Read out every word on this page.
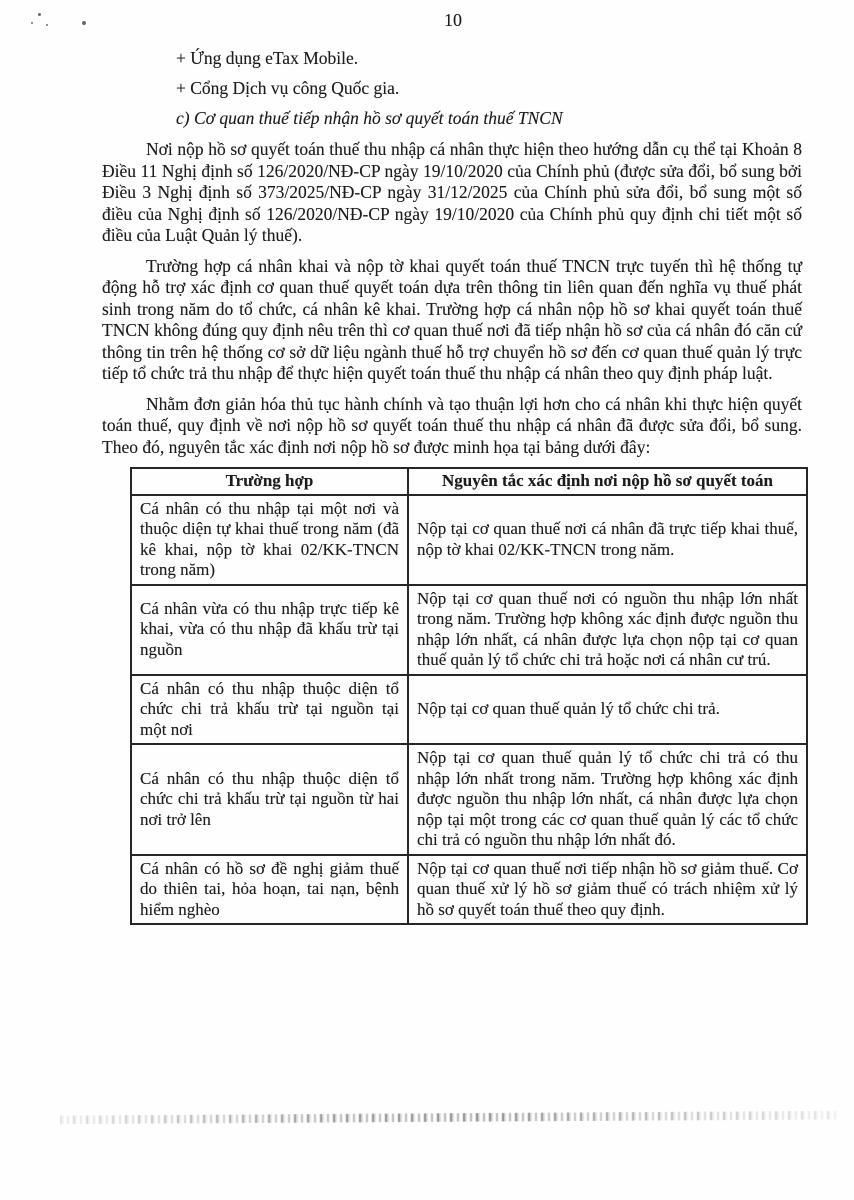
10

+ Ứng dụng eTax Mobile.

+ Cổng Dịch vụ công Quốc gia.

c) Cơ quan thuế tiếp nhận hồ sơ quyết toán thuế TNCN

Nơi nộp hồ sơ quyết toán thuế thu nhập cá nhân thực hiện theo hướng dẫn cụ thể tại Khoản 8 Điều 11 Nghị định số 126/2020/NĐ-CP ngày 19/10/2020 của Chính phủ (được sửa đổi, bổ sung bởi Điều 3 Nghị định số 373/2025/NĐ-CP ngày 31/12/2025 của Chính phủ sửa đổi, bổ sung một số điều của Nghị định số 126/2020/NĐ-CP ngày 19/10/2020 của Chính phủ quy định chi tiết một số điều của Luật Quản lý thuế).

Trường hợp cá nhân khai và nộp tờ khai quyết toán thuế TNCN trực tuyến thì hệ thống tự động hỗ trợ xác định cơ quan thuế quyết toán dựa trên thông tin liên quan đến nghĩa vụ thuế phát sinh trong năm do tổ chức, cá nhân kê khai. Trường hợp cá nhân nộp hồ sơ khai quyết toán thuế TNCN không đúng quy định nêu trên thì cơ quan thuế nơi đã tiếp nhận hồ sơ của cá nhân đó căn cứ thông tin trên hệ thống cơ sở dữ liệu ngành thuế hỗ trợ chuyển hồ sơ đến cơ quan thuế quản lý trực tiếp tổ chức trả thu nhập để thực hiện quyết toán thuế thu nhập cá nhân theo quy định pháp luật.

Nhằm đơn giản hóa thủ tục hành chính và tạo thuận lợi hơn cho cá nhân khi thực hiện quyết toán thuế, quy định về nơi nộp hồ sơ quyết toán thuế thu nhập cá nhân đã được sửa đổi, bổ sung. Theo đó, nguyên tắc xác định nơi nộp hồ sơ được minh họa tại bảng dưới đây:

Trường hợp	Nguyên tắc xác định nơi nộp hồ sơ quyết toán
Cá nhân có thu nhập tại một nơi và thuộc diện tự khai thuế trong năm (đã kê khai, nộp tờ khai 02/KK-TNCN trong năm)	Nộp tại cơ quan thuế nơi cá nhân đã trực tiếp khai thuế, nộp tờ khai 02/KK-TNCN trong năm.
Cá nhân vừa có thu nhập trực tiếp kê khai, vừa có thu nhập đã khấu trừ tại nguồn	Nộp tại cơ quan thuế nơi có nguồn thu nhập lớn nhất trong năm. Trường hợp không xác định được nguồn thu nhập lớn nhất, cá nhân được lựa chọn nộp tại cơ quan thuế quản lý tổ chức chi trả hoặc nơi cá nhân cư trú.
Cá nhân có thu nhập thuộc diện tổ chức chi trả khấu trừ tại nguồn tại một nơi	Nộp tại cơ quan thuế quản lý tổ chức chi trả.
Cá nhân có thu nhập thuộc diện tổ chức chi trả khấu trừ tại nguồn từ hai nơi trở lên	Nộp tại cơ quan thuế quản lý tổ chức chi trả có thu nhập lớn nhất trong năm. Trường hợp không xác định được nguồn thu nhập lớn nhất, cá nhân được lựa chọn nộp tại một trong các cơ quan thuế quản lý các tổ chức chi trả có nguồn thu nhập lớn nhất đó.
Cá nhân có hồ sơ đề nghị giảm thuế do thiên tai, hỏa hoạn, tai nạn, bệnh hiểm nghèo	Nộp tại cơ quan thuế nơi tiếp nhận hồ sơ giảm thuế. Cơ quan thuế xử lý hồ sơ giảm thuế có trách nhiệm xử lý hồ sơ quyết toán thuế theo quy định.
